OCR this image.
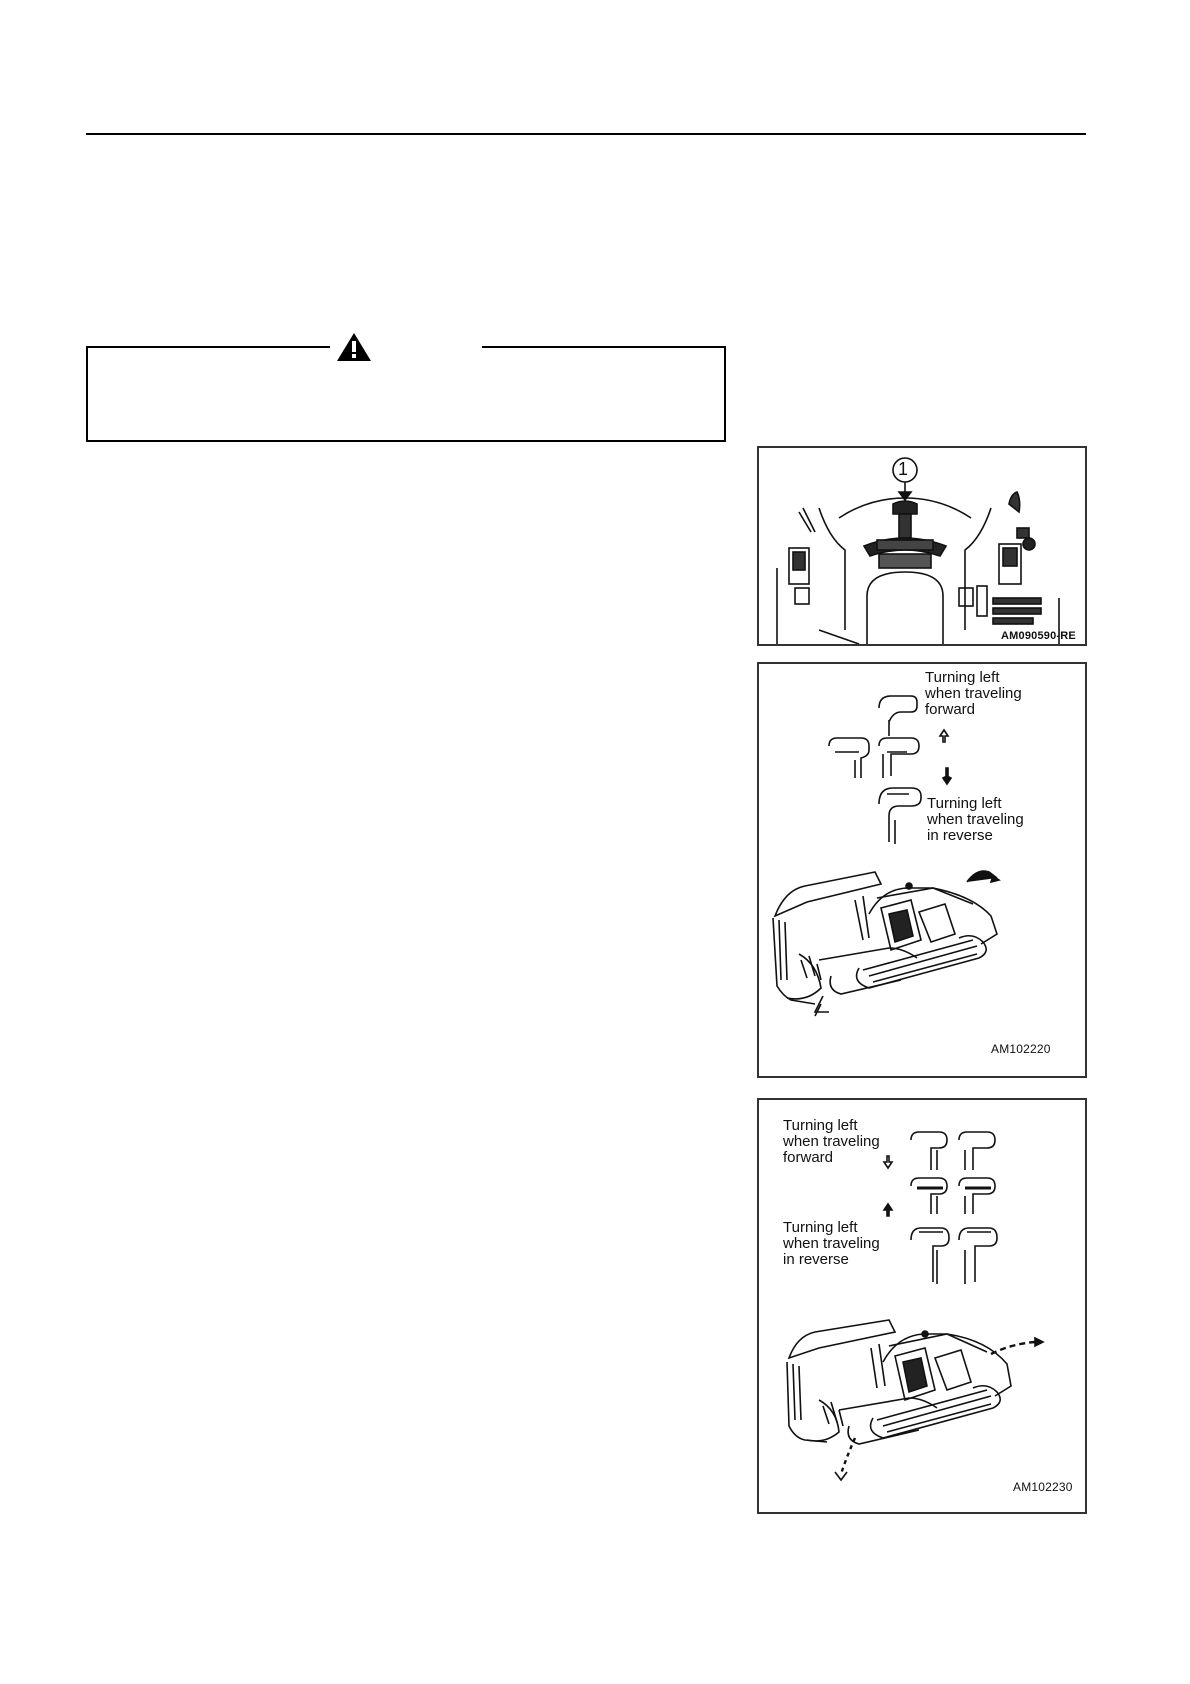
AM090590-RE
Turning left
when traveling
forward
Turning left
when traveling
in reverse
AM102220
Turning left
when traveling
forward
Turning left
when traveling
in reverse
AM102230
1
